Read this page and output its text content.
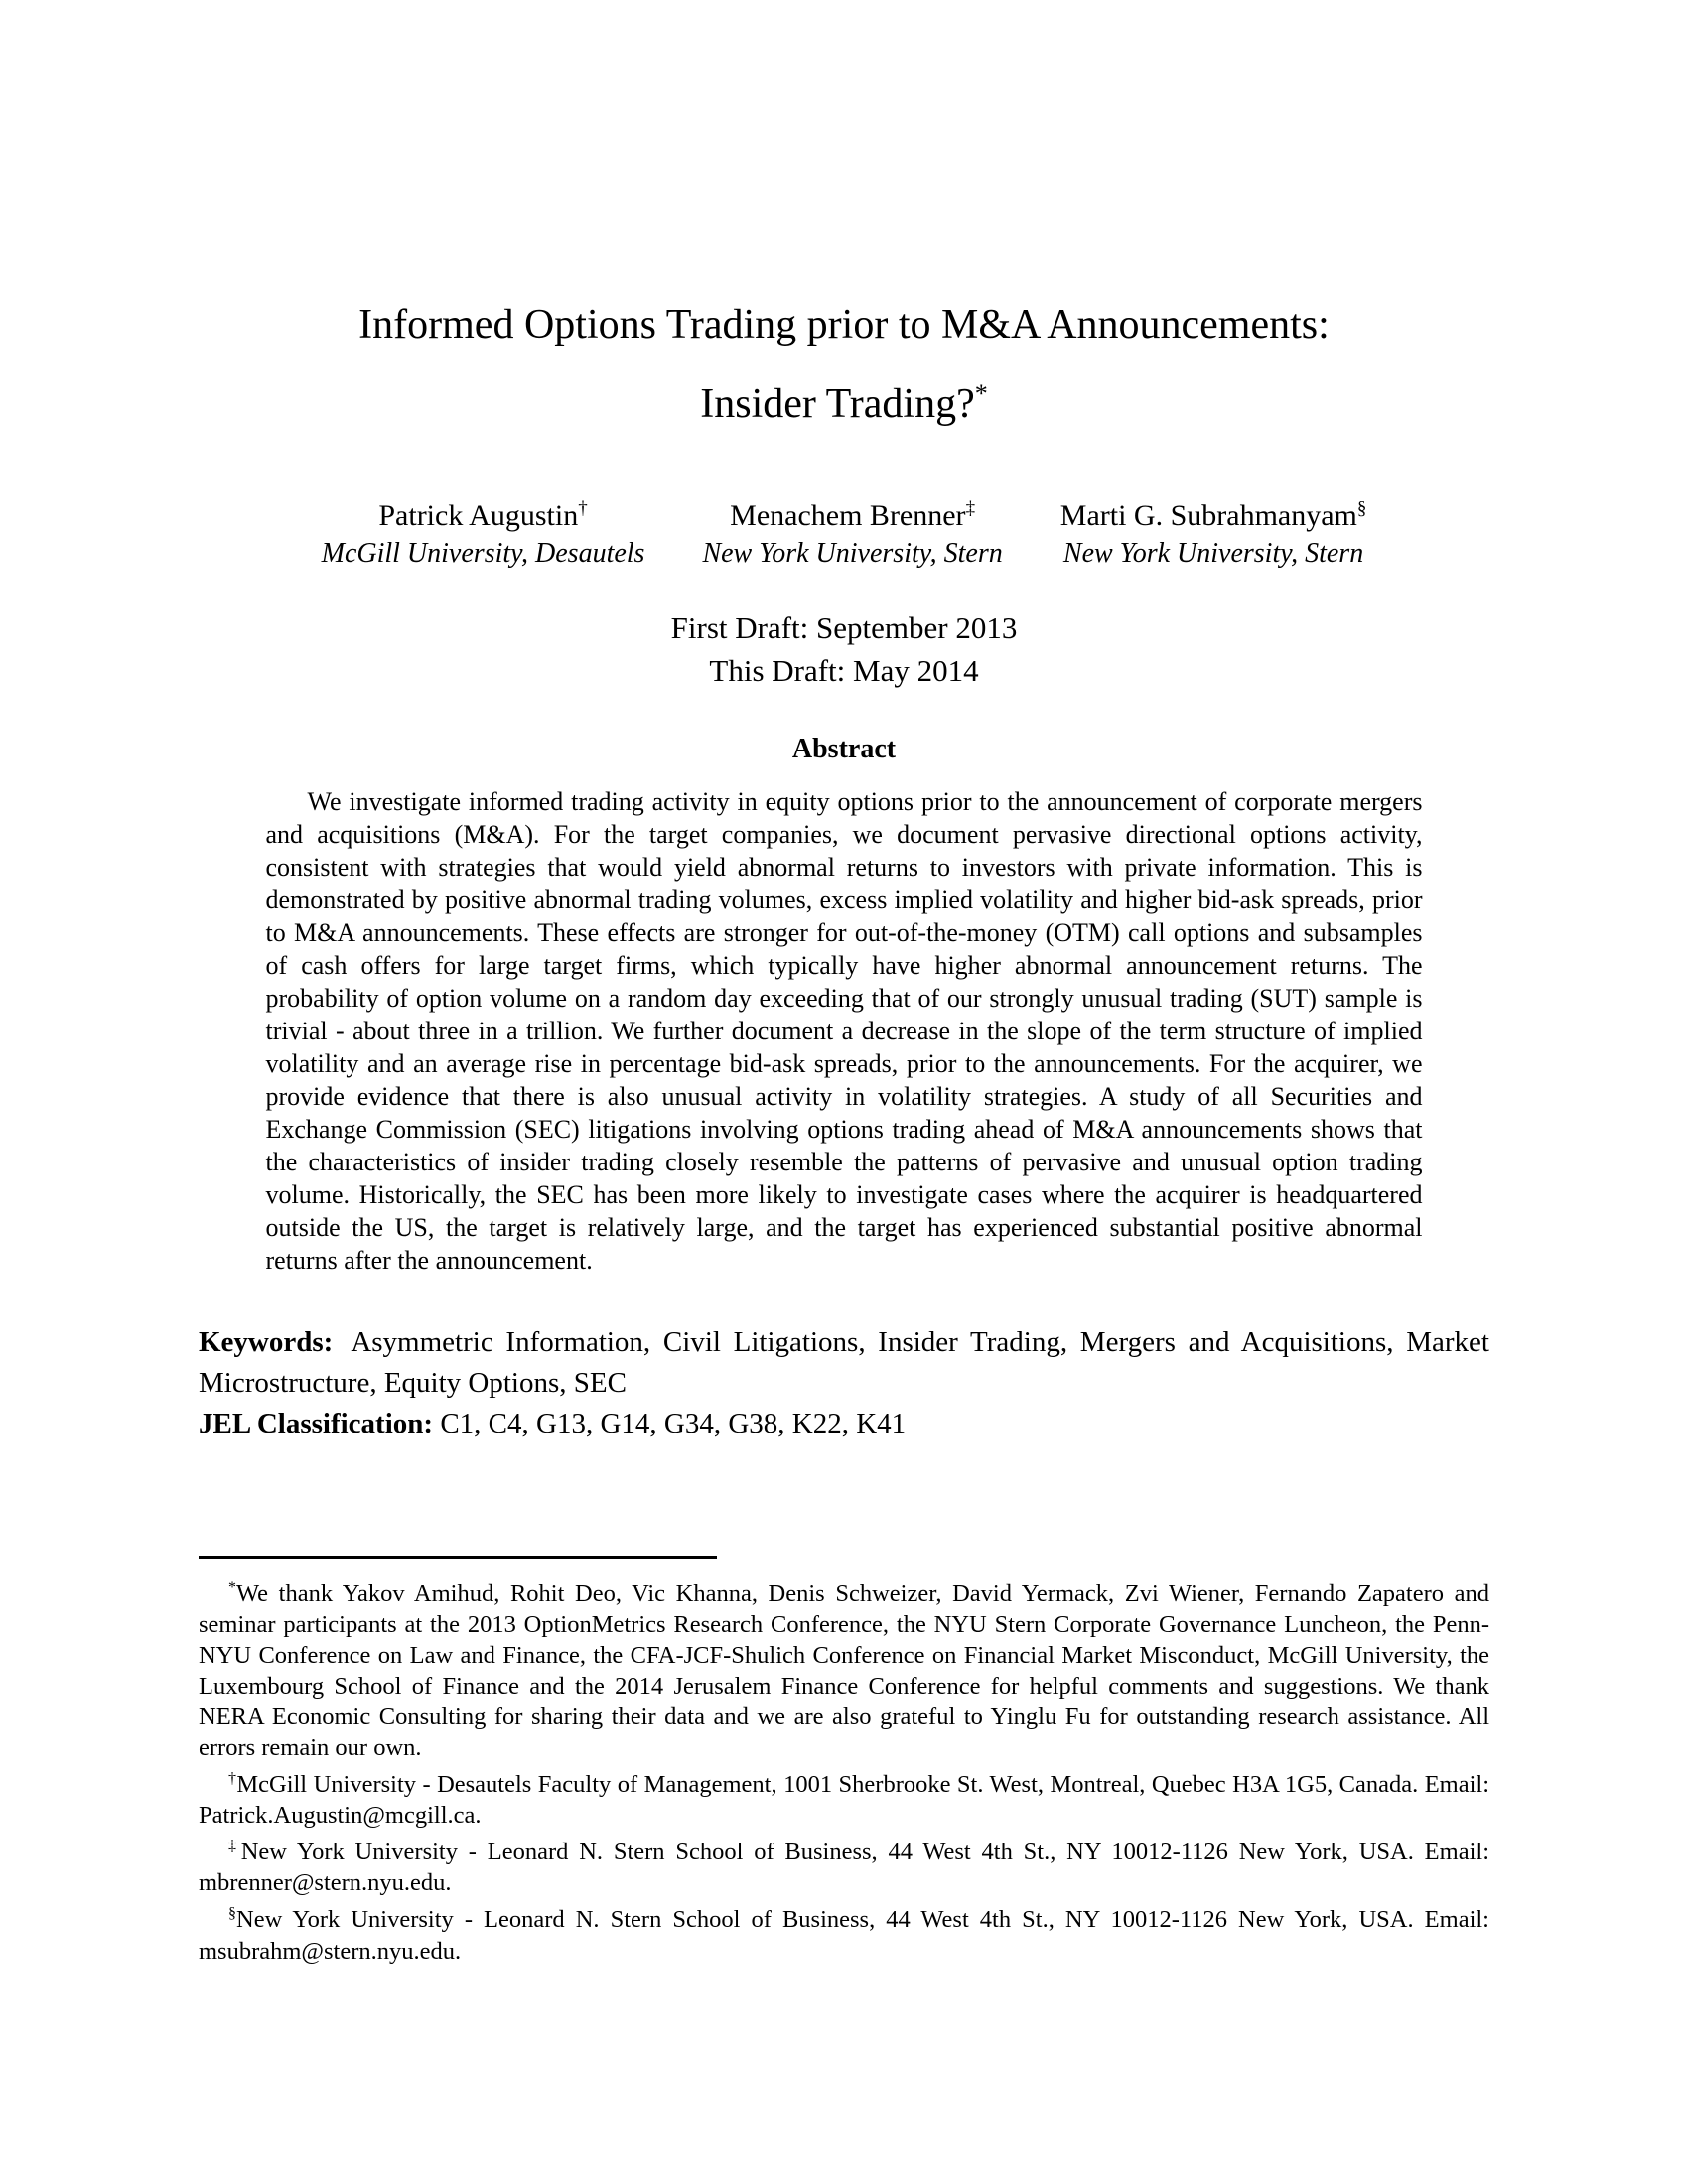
Informed Options Trading prior to M&A Announcements:
Insider Trading?*
Patrick Augustin†
McGill University, Desautels
Menachem Brenner‡
New York University, Stern
Marti G. Subrahmanyam§
New York University, Stern
First Draft: September 2013
This Draft: May 2014
Abstract

We investigate informed trading activity in equity options prior to the announcement of corporate mergers and acquisitions (M&A). For the target companies, we document pervasive directional options activity, consistent with strategies that would yield abnormal returns to investors with private information. This is demonstrated by positive abnormal trading volumes, excess implied volatility and higher bid-ask spreads, prior to M&A announcements. These effects are stronger for out-of-the-money (OTM) call options and subsamples of cash offers for large target firms, which typically have higher abnormal announcement returns. The probability of option volume on a random day exceeding that of our strongly unusual trading (SUT) sample is trivial - about three in a trillion. We further document a decrease in the slope of the term structure of implied volatility and an average rise in percentage bid-ask spreads, prior to the announcements. For the acquirer, we provide evidence that there is also unusual activity in volatility strategies. A study of all Securities and Exchange Commission (SEC) litigations involving options trading ahead of M&A announcements shows that the characteristics of insider trading closely resemble the patterns of pervasive and unusual option trading volume. Historically, the SEC has been more likely to investigate cases where the acquirer is headquartered outside the US, the target is relatively large, and the target has experienced substantial positive abnormal returns after the announcement.

Keywords: Asymmetric Information, Civil Litigations, Insider Trading, Mergers and Acquisitions, Market Microstructure, Equity Options, SEC
JEL Classification: C1, C4, G13, G14, G34, G38, K22, K41

*We thank Yakov Amihud, Rohit Deo, Vic Khanna, Denis Schweizer, David Yermack, Zvi Wiener, Fernando Zapatero and seminar participants at the 2013 OptionMetrics Research Conference, the NYU Stern Corporate Governance Luncheon, the Penn-NYU Conference on Law and Finance, the CFA-JCF-Shulich Conference on Financial Market Misconduct, McGill University, the Luxembourg School of Finance and the 2014 Jerusalem Finance Conference for helpful comments and suggestions. We thank NERA Economic Consulting for sharing their data and we are also grateful to Yinglu Fu for outstanding research assistance. All errors remain our own.

†McGill University - Desautels Faculty of Management, 1001 Sherbrooke St. West, Montreal, Quebec H3A 1G5, Canada. Email: Patrick.Augustin@mcgill.ca.

‡New York University - Leonard N. Stern School of Business, 44 West 4th St., NY 10012-1126 New York, USA. Email: mbrenner@stern.nyu.edu.

§New York University - Leonard N. Stern School of Business, 44 West 4th St., NY 10012-1126 New York, USA. Email: msubrahm@stern.nyu.edu.
